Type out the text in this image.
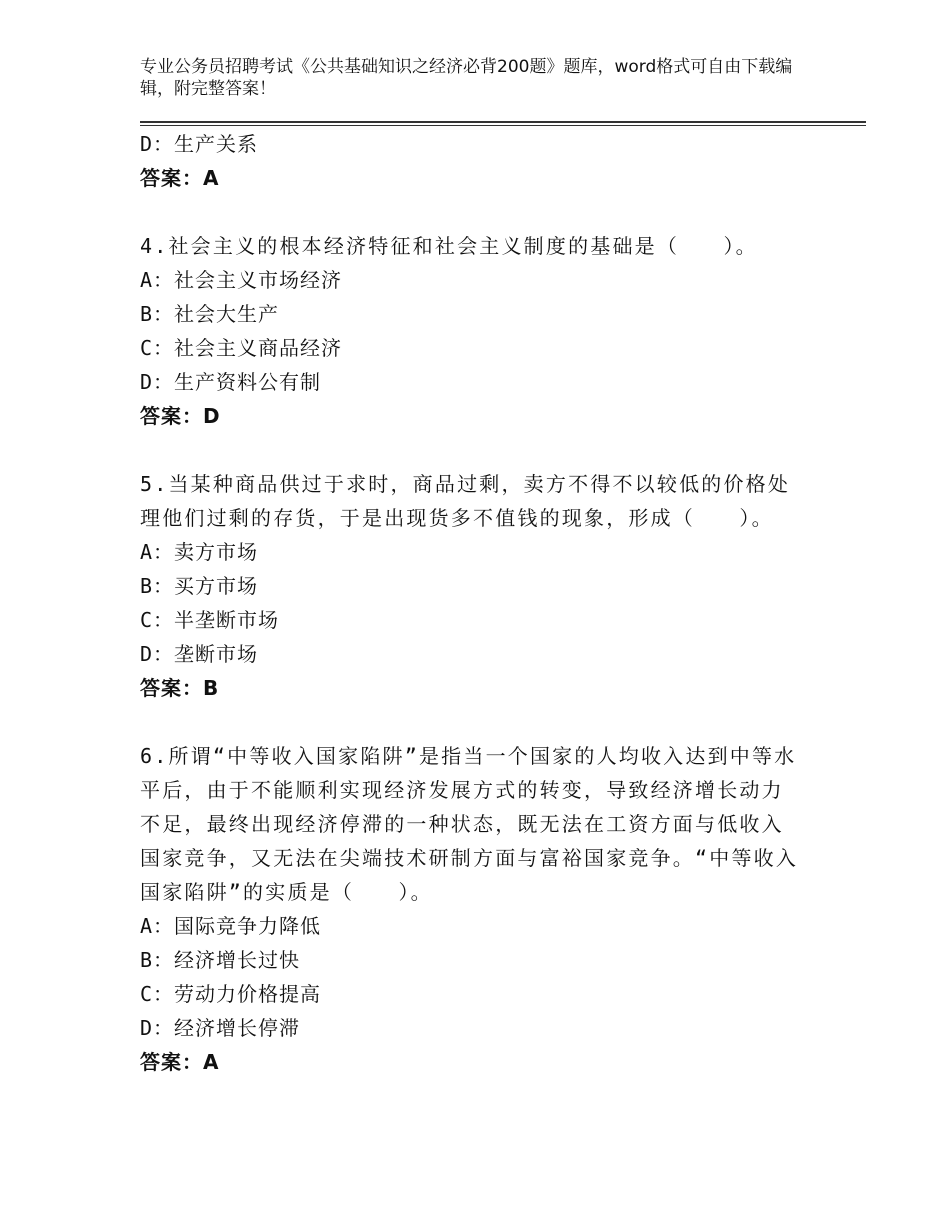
专业公务员招聘考试《公共基础知识之经济必背200题》题库，word格式可自由下载编辑，附完整答案！
D：生产关系
答案：A
4.社会主义的根本经济特征和社会主义制度的基础是（　　）。
A：社会主义市场经济
B：社会大生产
C：社会主义商品经济
D：生产资料公有制
答案：D
5.当某种商品供过于求时，商品过剩，卖方不得不以较低的价格处理他们过剩的存货，于是出现货多不值钱的现象，形成（　　）。
A：卖方市场
B：买方市场
C：半垄断市场
D：垄断市场
答案：B
6.所谓“中等收入国家陷阱”是指当一个国家的人均收入达到中等水平后，由于不能顺利实现经济发展方式的转变，导致经济增长动力不足，最终出现经济停滞的一种状态，既无法在工资方面与低收入国家竞争，又无法在尖端技术研制方面与富裕国家竞争。“中等收入国家陷阱”的实质是（　　）。
A：国际竞争力降低
B：经济增长过快
C：劳动力价格提高
D：经济增长停滞
答案：A
